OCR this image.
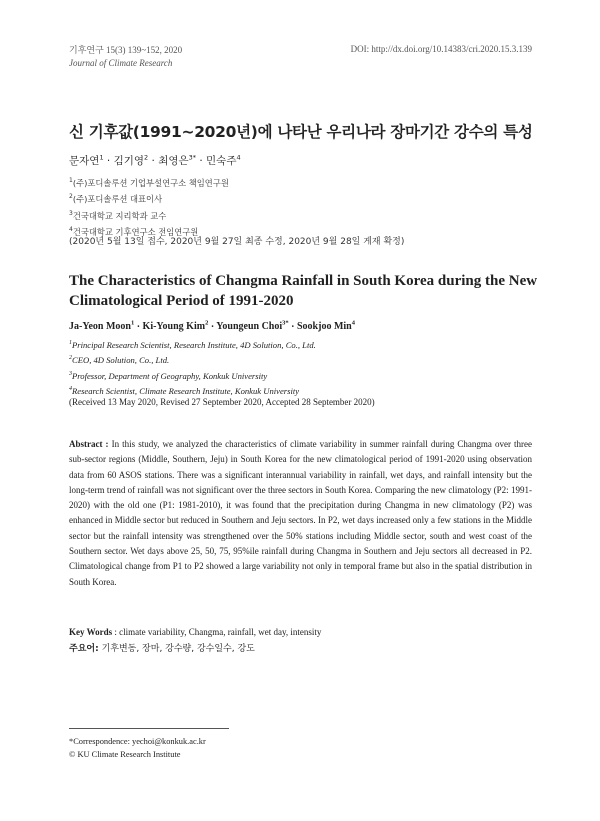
기후연구 15(3) 139~152, 2020
Journal of Climate Research
DOI: http://dx.doi.org/10.14383/cri.2020.15.3.139
신 기후값(1991~2020년)에 나타난 우리나라 장마기간 강수의 특성
문자연$^1$ · 김기영$^2$ · 최영은$^{3*}$ · 민숙주$^4$
$^1$(주)포디솔루션 기업부설연구소 책임연구원
$^2$(주)포디솔루션 대표이사
$^3$건국대학교 지리학과 교수
$^4$건국대학교 기후연구소 전임연구원
(2020년 5월 13일 접수, 2020년 9월 27일 최종 수정, 2020년 9월 28일 게재 확정)
The Characteristics of Changma Rainfall in South Korea during the New Climatological Period of 1991-2020
Ja-Yeon Moon$^1$ · Ki-Young Kim$^2$ · Youngeun Choi$^{3*}$ · Sookjoo Min$^4$
$^1$Principal Research Scientist, Research Institute, 4D Solution, Co., Ltd.
$^2$CEO, 4D Solution, Co., Ltd.
$^3$Professor, Department of Geography, Konkuk University
$^4$Research Scientist, Climate Research Institute, Konkuk University
(Received 13 May 2020, Revised 27 September 2020, Accepted 28 September 2020)
Abstract : In this study, we analyzed the characteristics of climate variability in summer rainfall during Changma over three sub-sector regions (Middle, Southern, Jeju) in South Korea for the new climatological period of 1991-2020 using observation data from 60 ASOS stations. There was a significant interannual variability in rainfall, wet days, and rainfall intensity but the long-term trend of rainfall was not significant over the three sectors in South Korea. Comparing the new climatology (P2: 1991-2020) with the old one (P1: 1981-2010), it was found that the precipitation during Changma in new climatology (P2) was enhanced in Middle sector but reduced in Southern and Jeju sectors. In P2, wet days increased only a few stations in the Middle sector but the rainfall intensity was strengthened over the 50% stations including Middle sector, south and west coast of the Southern sector. Wet days above 25, 50, 75, 95%ile rainfall during Changma in Southern and Jeju sectors all decreased in P2. Climatological change from P1 to P2 showed a large variability not only in temporal frame but also in the spatial distribution in South Korea.
Key Words : climate variability, Changma, rainfall, wet day, intensity
주요어: 기후변동, 장마, 강수량, 강수일수, 강도
*Correspondence: yechoi@konkuk.ac.kr
© KU Climate Research Institute
